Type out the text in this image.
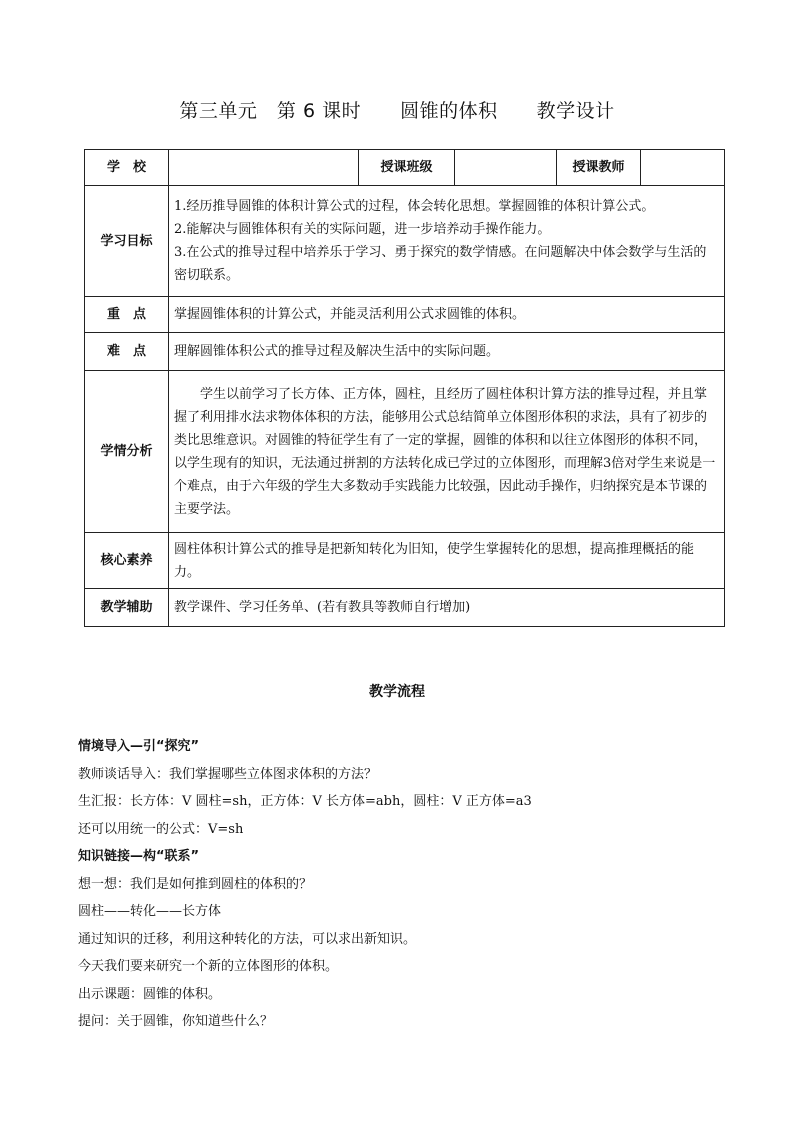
第三单元　第 6 课时　　圆锥的体积　　教学设计
学　校		授课班级		授课教师	
学习目标	1.经历推导圆锥的体积计算公式的过程，体会转化思想。掌握圆锥的体积计算公式。

2.能解决与圆锥体积有关的实际问题，进一步培养动手操作能力。

3.在公式的推导过程中培养乐于学习、勇于探究的数学情感。在问题解决中体会数学与生活的密切联系。				

重　点	掌握圆锥体积的计算公式，并能灵活利用公式求圆锥的体积。				
难　点	理解圆锥体积公式的推导过程及解决生活中的实际问题。				
学情分析	学生以前学习了长方体、正方体，圆柱，且经历了圆柱体积计算方法的推导过程，并且掌握了利用排水法求物体体积的方法，能够用公式总结简单立体图形体积的求法，具有了初步的类比思维意识。对圆锥的特征学生有了一定的掌握，圆锥的体积和以往立体图形的体积不同，以学生现有的知识，无法通过拼割的方法转化成已学过的立体图形，而理解3倍对学生来说是一个难点，由于六年级的学生大多数动手实践能力比较强，因此动手操作，归纳探究是本节课的主要学法。				

核心素养	圆柱体积计算公式的推导是把新知转化为旧知，使学生掌握转化的思想，提高推理概括的能力。				
教学辅助	教学课件、学习任务单、(若有教具等教师自行增加)				
教学流程
情境导入—引“探究”
教师谈话导入：我们掌握哪些立体图求体积的方法？
生汇报：长方体：V 圆柱=sh，正方体：V 长方体=abh，圆柱：V 正方体=a3
还可以用统一的公式：V=sh
知识链接—构“联系”
想一想：我们是如何推到圆柱的体积的？
圆柱——转化——长方体
通过知识的迁移，利用这种转化的方法，可以求出新知识。
今天我们要来研究一个新的立体图形的体积。
出示课题：圆锥的体积。
提问：关于圆锥，你知道些什么？
